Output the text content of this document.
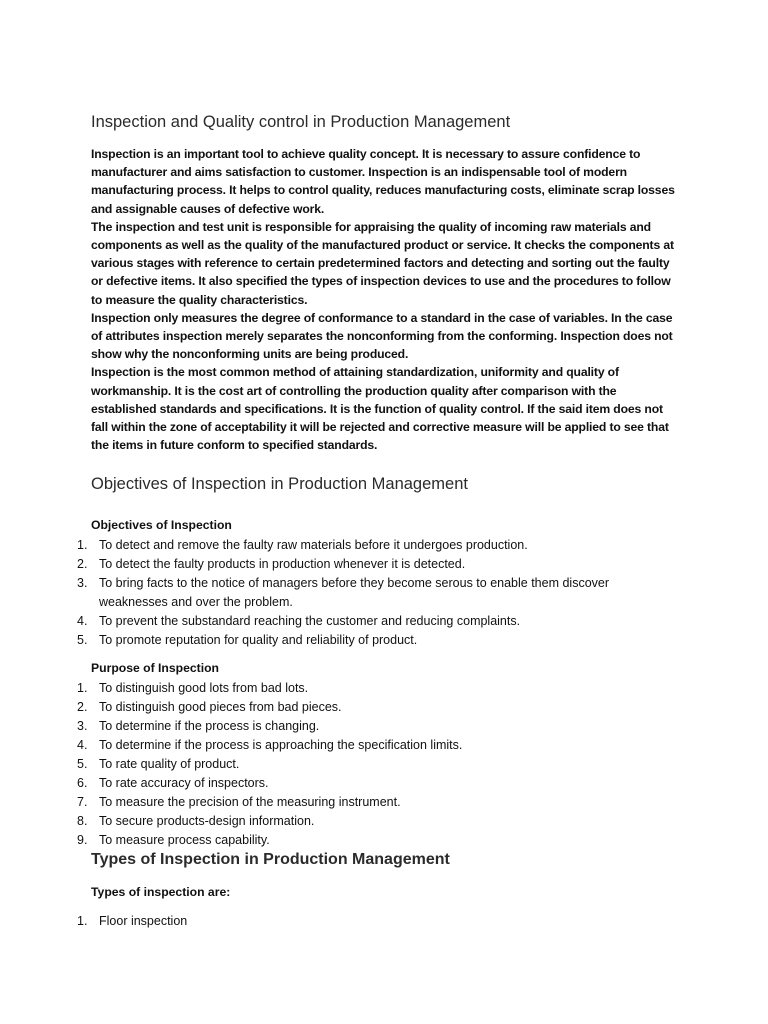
Inspection and Quality control in Production Management

Inspection is an important tool to achieve quality concept. It is necessary to assure confidence to manufacturer and aims satisfaction to customer. Inspection is an indispensable tool of modern manufacturing process. It helps to control quality, reduces manufacturing costs, eliminate scrap losses and assignable causes of defective work.

The inspection and test unit is responsible for appraising the quality of incoming raw materials and components as well as the quality of the manufactured product or service. It checks the components at various stages with reference to certain predetermined factors and detecting and sorting out the faulty or defective items. It also specified the types of inspection devices to use and the procedures to follow to measure the quality characteristics.

Inspection only measures the degree of conformance to a standard in the case of variables. In the case of attributes inspection merely separates the nonconforming from the conforming. Inspection does not show why the nonconforming units are being produced.

Inspection is the most common method of attaining standardization, uniformity and quality of workmanship. It is the cost art of controlling the production quality after comparison with the established standards and specifications. It is the function of quality control. If the said item does not fall within the zone of acceptability it will be rejected and corrective measure will be applied to see that the items in future conform to specified standards.

Objectives of Inspection in Production Management
Objectives of Inspection
1. To detect and remove the faulty raw materials before it undergoes production.
2. To detect the faulty products in production whenever it is detected.
3. To bring facts to the notice of managers before they become serous to enable them discover weaknesses and over the problem.
4. To prevent the substandard reaching the customer and reducing complaints.
5. To promote reputation for quality and reliability of product.
Purpose of Inspection
1. To distinguish good lots from bad lots.
2. To distinguish good pieces from bad pieces.
3. To determine if the process is changing.
4. To determine if the process is approaching the specification limits.
5. To rate quality of product.
6. To rate accuracy of inspectors.
7. To measure the precision of the measuring instrument.
8. To secure products-design information.
9. To measure process capability.
Types of Inspection in Production Management
Types of inspection are:
1. Floor inspection
